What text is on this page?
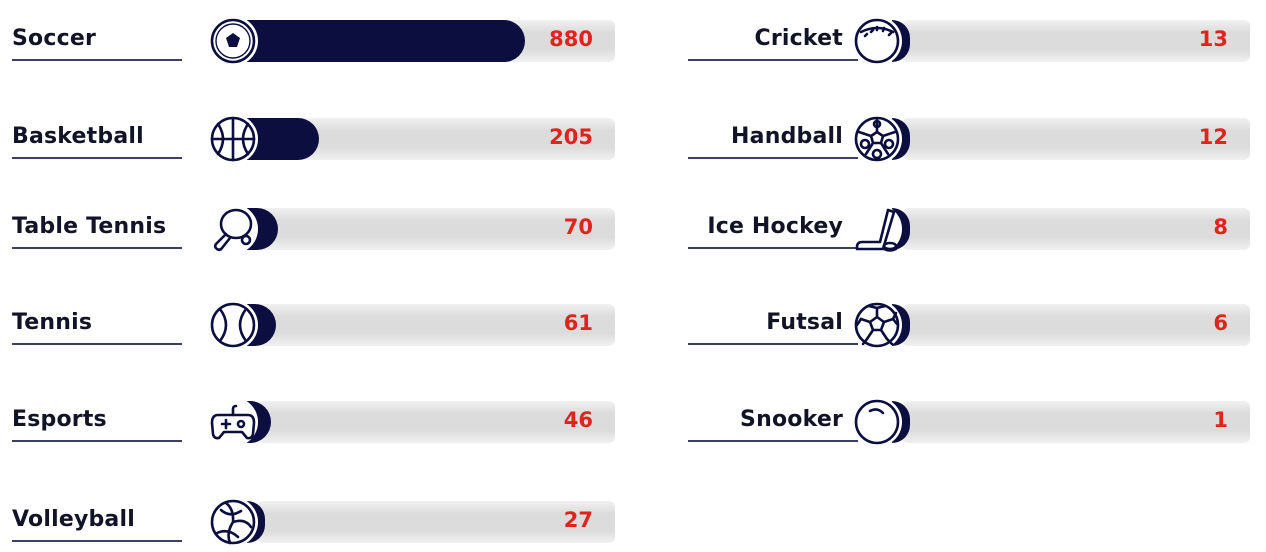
Soccer	880
Basketball	205
Table Tennis	70
Tennis	61
Esports	46
Volleyball	27
Cricket	13
Handball	12
Ice Hockey	8
Futsal	6
Snooker	1
